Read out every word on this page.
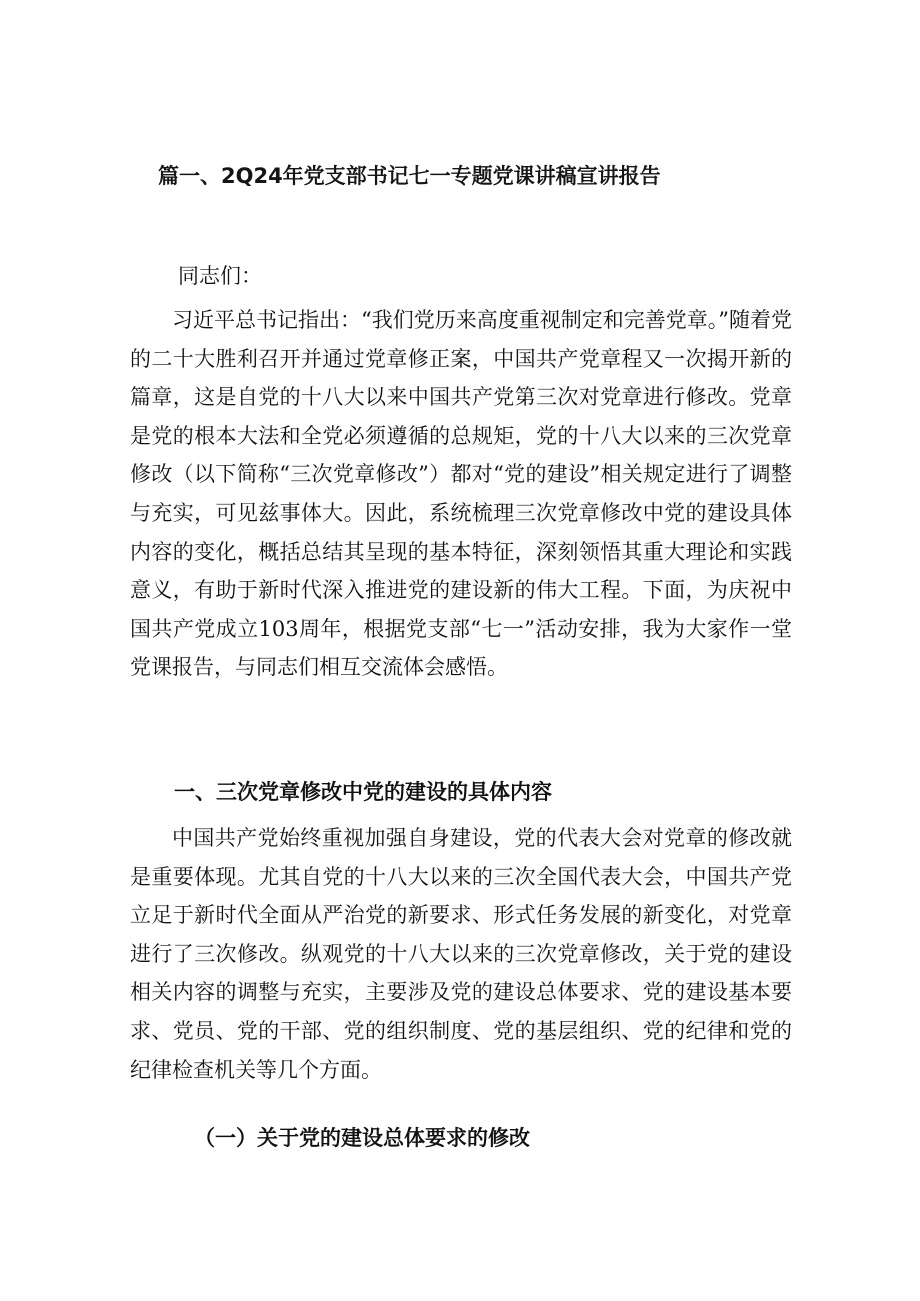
篇一、2Q24年党支部书记七一专题党课讲稿宣讲报告

同志们：

习近平总书记指出：“我们党历来高度重视制定和完善党章。”随着党的二十大胜利召开并通过党章修正案，中国共产党章程又一次揭开新的篇章，这是自党的十八大以来中国共产党第三次对党章进行修改。党章是党的根本大法和全党必须遵循的总规矩，党的十八大以来的三次党章修改（以下简称“三次党章修改”）都对“党的建设”相关规定进行了调整与充实，可见兹事体大。因此，系统梳理三次党章修改中党的建设具体内容的变化，概括总结其呈现的基本特征，深刻领悟其重大理论和实践意义，有助于新时代深入推进党的建设新的伟大工程。下面，为庆祝中国共产党成立103周年，根据党支部“七一”活动安排，我为大家作一堂党课报告，与同志们相互交流体会感悟。

一、三次党章修改中党的建设的具体内容

中国共产党始终重视加强自身建设，党的代表大会对党章的修改就是重要体现。尤其自党的十八大以来的三次全国代表大会，中国共产党立足于新时代全面从严治党的新要求、形式任务发展的新变化，对党章进行了三次修改。纵观党的十八大以来的三次党章修改，关于党的建设相关内容的调整与充实，主要涉及党的建设总体要求、党的建设基本要求、党员、党的干部、党的组织制度、党的基层组织、党的纪律和党的纪律检查机关等几个方面。

（一）关于党的建设总体要求的修改
